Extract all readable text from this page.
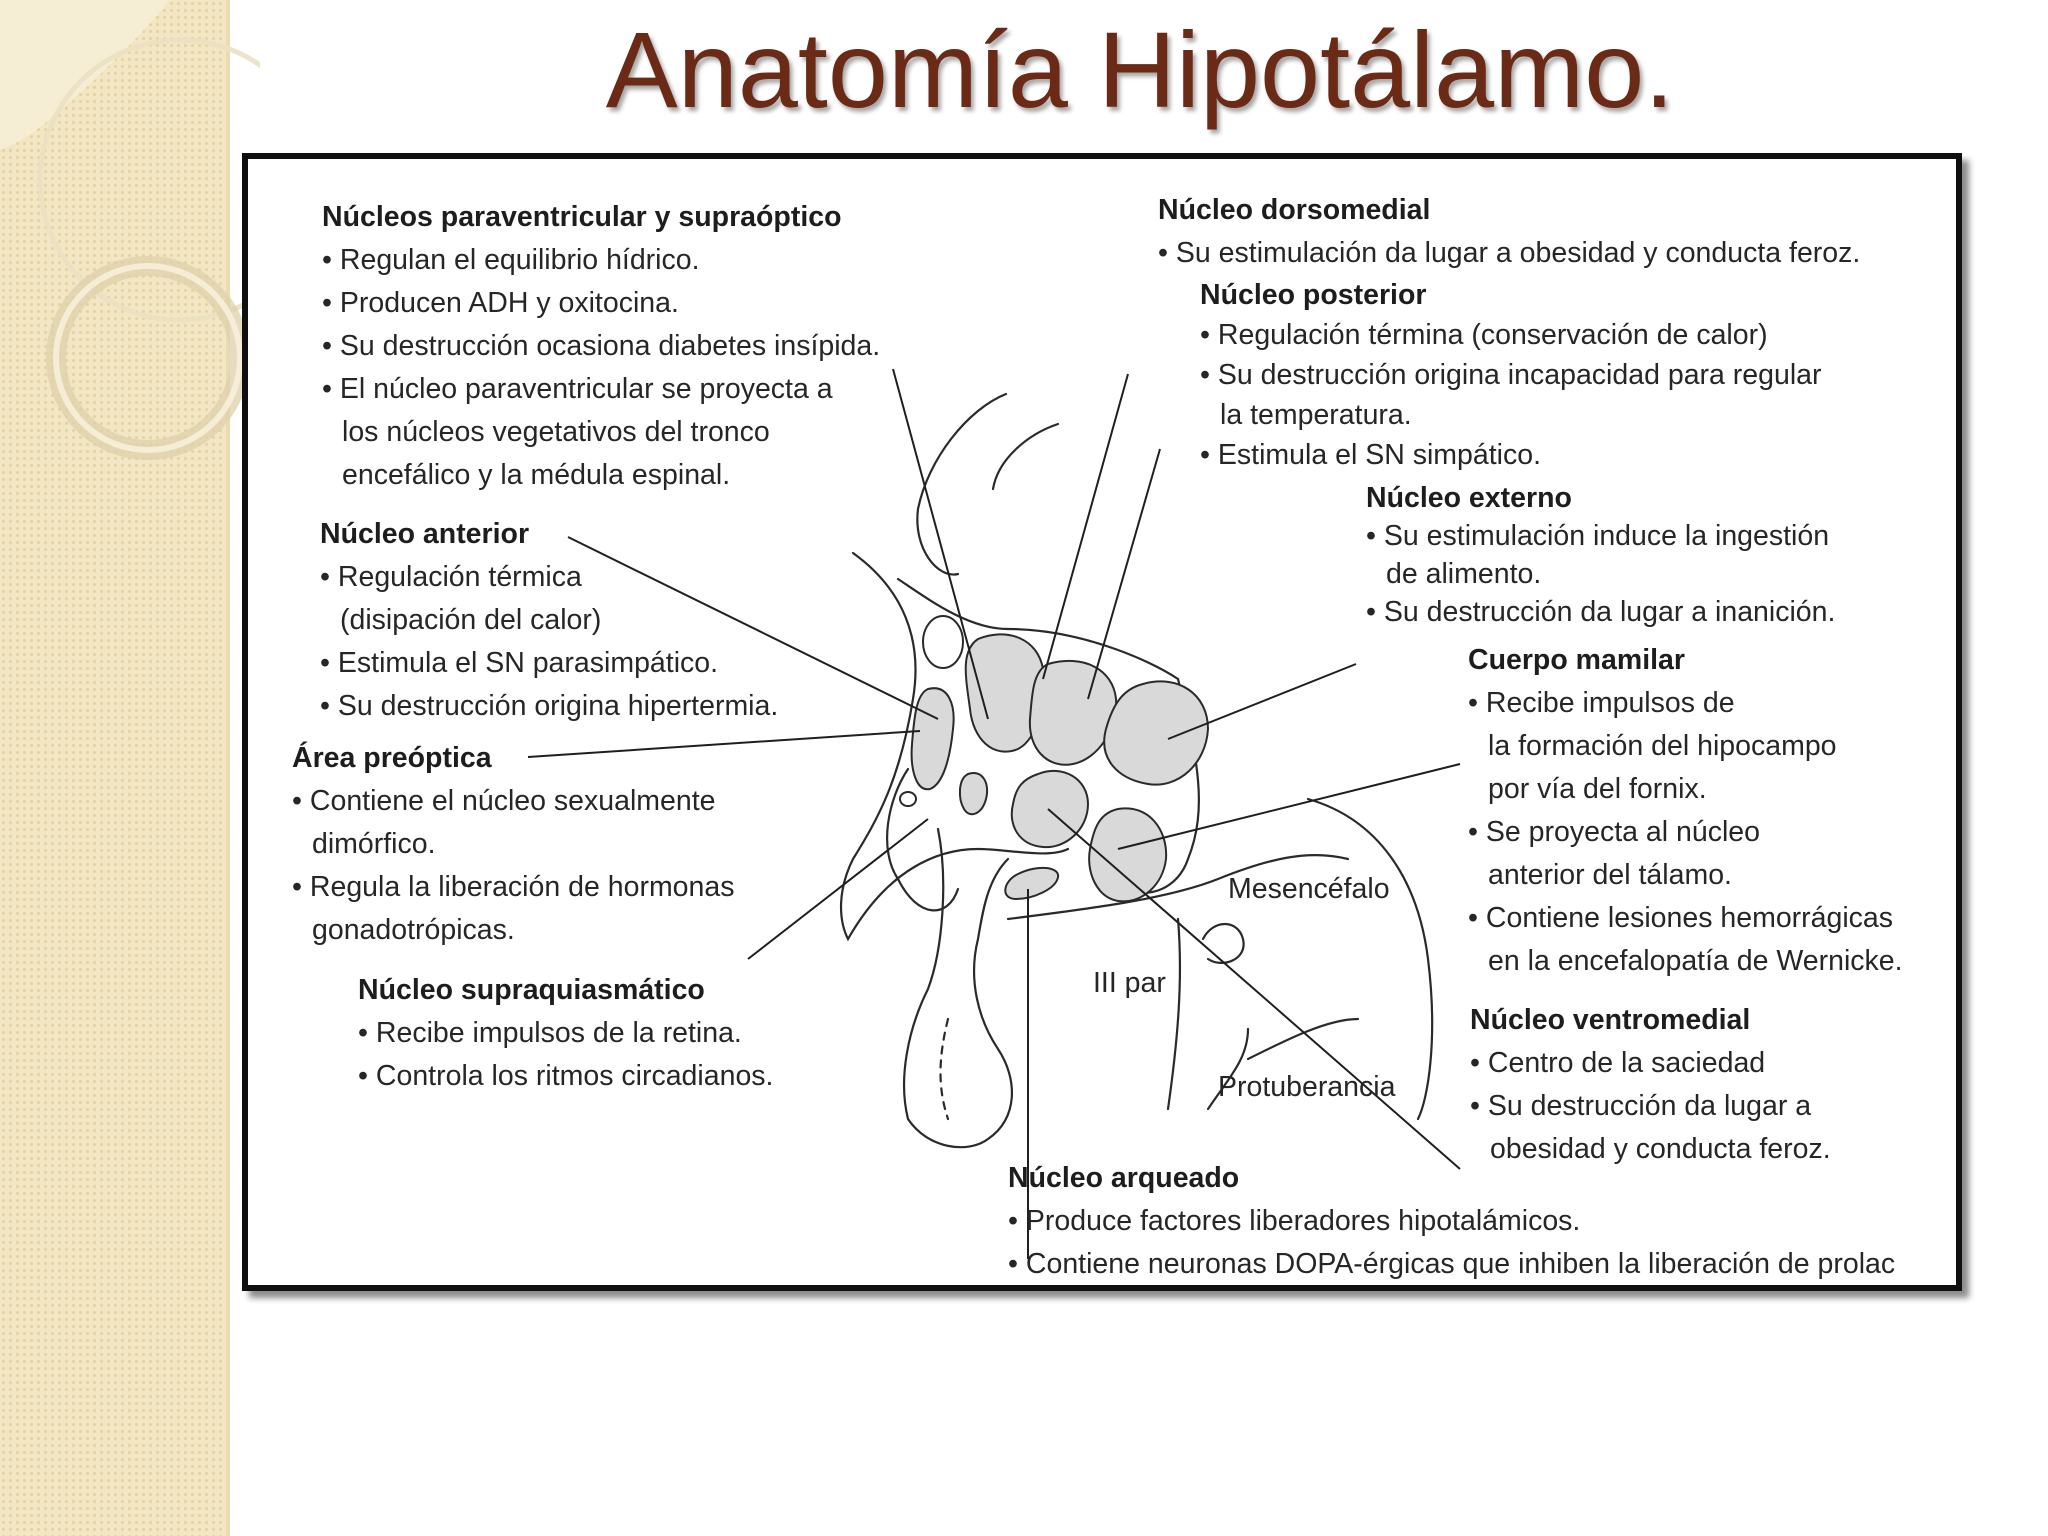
Anatomía Hipotálamo.
Núcleos paraventricular y supraóptico
• Regulan el equilibrio hídrico.
• Producen ADH y oxitocina.
• Su destrucción ocasiona diabetes insípida.
• El núcleo paraventricular se proyecta a
los núcleos vegetativos del tronco
encefálico y la médula espinal.
Núcleo anterior
• Regulación térmica
(disipación del calor)
• Estimula el SN parasimpático.
• Su destrucción origina hipertermia.
Área preóptica
• Contiene el núcleo sexualmente
dimórfico.
• Regula la liberación de hormonas
gonadotrópicas.
Núcleo supraquiasmático
• Recibe impulsos de la retina.
• Controla los ritmos circadianos.
Núcleo dorsomedial
• Su estimulación da lugar a obesidad y conducta feroz.
Núcleo posterior
• Regulación términa (conservación de calor)
• Su destrucción origina incapacidad para regular
la temperatura.
• Estimula el SN simpático.
Núcleo externo
• Su estimulación induce la ingestión
de alimento.
• Su destrucción da lugar a inanición.
Cuerpo mamilar
• Recibe impulsos de
la formación del hipocampo
por vía del fornix.
• Se proyecta al núcleo
anterior del tálamo.
• Contiene lesiones hemorrágicas
en la encefalopatía de Wernicke.
Núcleo ventromedial
• Centro de la saciedad
• Su destrucción da lugar a
obesidad y conducta feroz.
Núcleo arqueado
• Produce factores liberadores hipotalámicos.
• Contiene neuronas DOPA-érgicas que inhiben la liberación de prolac
Mesencéfalo
III par
Protuberancia
